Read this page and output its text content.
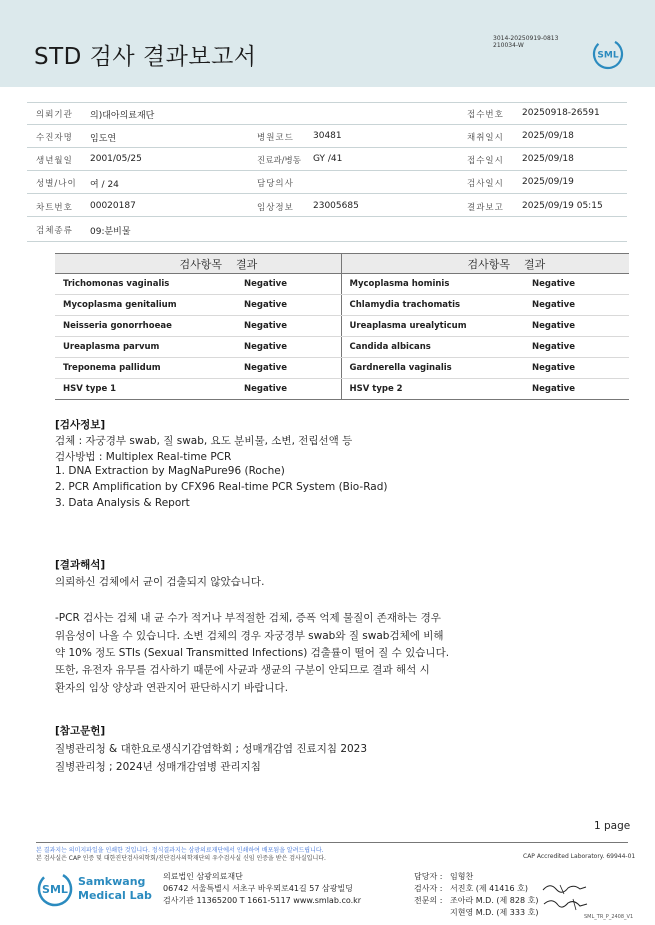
STD 검사 결과보고서
3014-20250919-0813
210034-W
SML
의뢰기관 의)대아의료재단
수진자명 임도연
생년월일 2001/05/25
성별/나이 여 / 24
차트번호 00020187
검체종류 09:분비물
병원코드 30481
진료과/병동 GY /41
담당의사
임상정보 23005685
접수번호 20250918-26591
채취일시 2025/09/18
접수일시 2025/09/18
검사일시 2025/09/19
결과보고 2025/09/19 05:15
검사항목	결과	검사항목	결과
Trichomonas vaginalis	Negative	Mycoplasma hominis	Negative
Mycoplasma genitalium	Negative	Chlamydia trachomatis	Negative
Neisseria gonorrhoeae	Negative	Ureaplasma urealyticum	Negative
Ureaplasma parvum	Negative	Candida albicans	Negative
Treponema pallidum	Negative	Gardnerella vaginalis	Negative
HSV type 1	Negative	HSV type 2	Negative
[검사정보]
검체 : 자궁경부 swab, 질 swab, 요도 분비물, 소변, 전립선액 등
검사방법 : Multiplex Real-time PCR
1. DNA Extraction by MagNaPure96 (Roche)
2. PCR Amplification by CFX96 Real-time PCR System (Bio-Rad)
3. Data Analysis & Report
[결과해석]
의뢰하신 검체에서 균이 검출되지 않았습니다.
-PCR 검사는 검체 내 균 수가 적거나 부적절한 검체, 증폭 억제 물질이 존재하는 경우
위음성이 나올 수 있습니다. 소변 검체의 경우 자궁경부 swab와 질 swab검체에 비해
약 10% 정도 STIs (Sexual Transmitted Infections) 검출률이 떨어 질 수 있습니다.
또한, 유전자 유무를 검사하기 때문에 사균과 생균의 구분이 안되므로 결과 해석 시
환자의 임상 양상과 연관지어 판단하시기 바랍니다.
[참고문헌]
질병관리청 & 대한요로생식기감염학회 ; 성매개감염 진료지침 2023
질병관리청 ; 2024년 성매개감염병 관리지침
1 page
본 결과지는 의미지파일을 인쇄한 것입니다. 정식결과지는 삼광의료재단에서 인쇄하여 배포됨을 알려드립니다.
본 검사실은 CAP 인증 및 대한진단검사의학회/진단검사의학재단의 우수검사실 신임 인증을 받은 검사실입니다.	CAP Accredited Laboratory. 69944-01
SML
Samkwang
Medical Lab
의료법인 삼광의료재단
06742 서울특별시 서초구 바우뫼로41길 57 삼광빌딩
검사기관 11365200 T 1661-5117 www.smlab.co.kr
담당자 : 임형찬
검사자 : 서진호 (제 41416 호)
전문의 : 조아라 M.D. (제 828 호)
지현영 M.D. (제 333 호)	SML_TR_P_2408_V1
